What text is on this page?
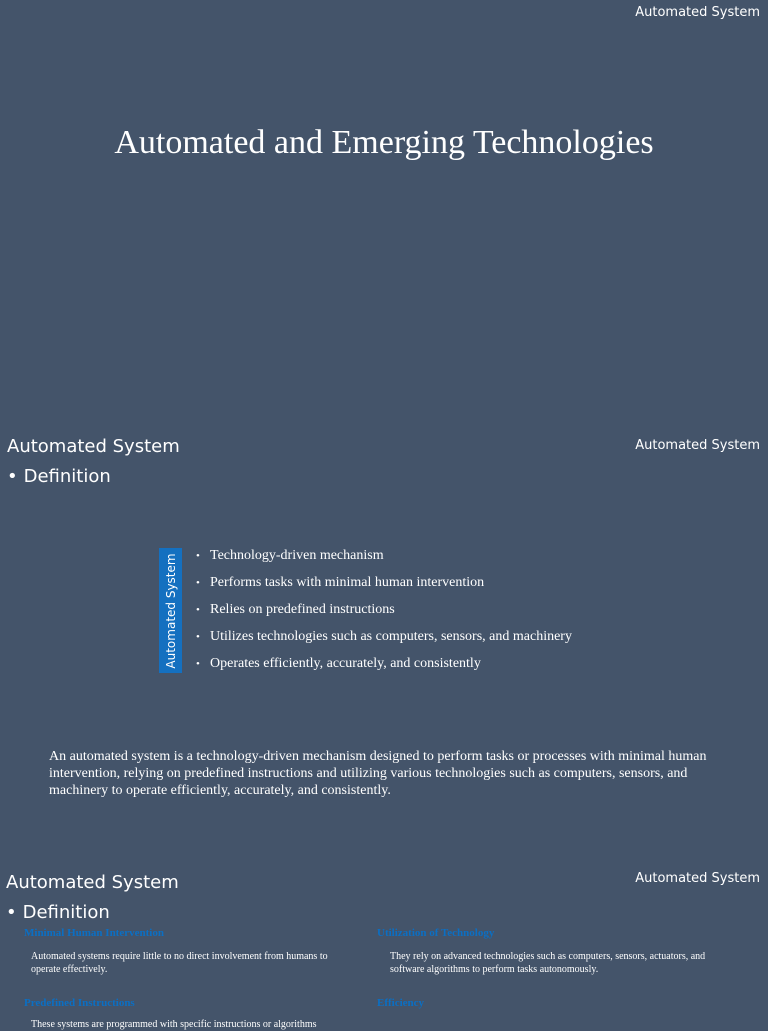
Automated System
Automated and Emerging Technologies
Automated System	Automated System
• Definition
Automated System • Technology-driven mechanism
• Performs tasks with minimal human intervention
• Relies on predefined instructions
• Utilizes technologies such as computers, sensors, and machinery
• Operates efficiently, accurately, and consistently
An automated system is a technology-driven mechanism designed to perform tasks or processes with minimal human intervention, relying on predefined instructions and utilizing various technologies such as computers, sensors, and machinery to operate efficiently, accurately, and consistently.
Automated System	Automated System
• Definition
Minimal Human Intervention
Automated systems require little to no direct involvement from humans to operate effectively.
Utilization of Technology
They rely on advanced technologies such as computers, sensors, actuators, and software algorithms to perform tasks autonomously.
Predefined Instructions
These systems are programmed with specific instructions or algorithms
Efficiency
